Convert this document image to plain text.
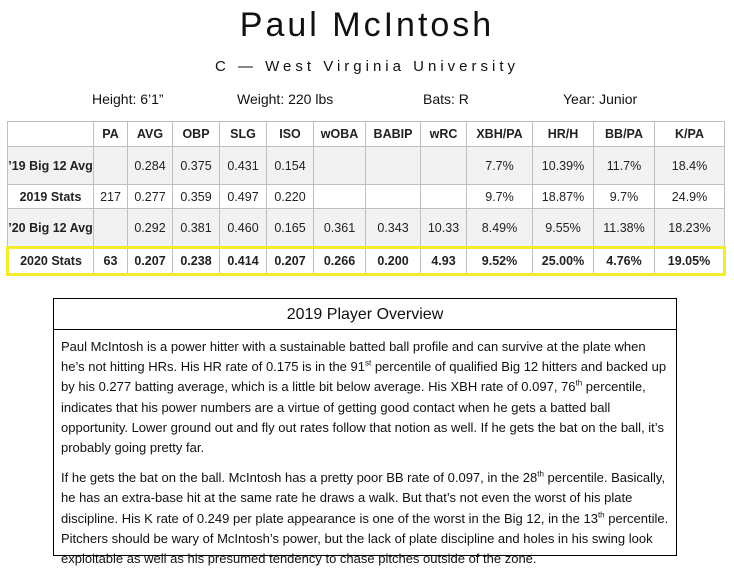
Paul McIntosh
C — West Virginia University
Height: 6’1”	Weight: 220 lbs	Bats: R	Year: Junior
	PA	AVG	OBP	SLG	ISO	wOBA	BABIP	wRC	XBH/PA	HR/H	BB/PA	K/PA
’19 Big 12 Avg		0.284	0.375	0.431	0.154				7.7%	10.39%	11.7%	18.4%
2019 Stats	217	0.277	0.359	0.497	0.220				9.7%	18.87%	9.7%	24.9%
’20 Big 12 Avg		0.292	0.381	0.460	0.165	0.361	0.343	10.33	8.49%	9.55%	11.38%	18.23%
2020 Stats	63	0.207	0.238	0.414	0.207	0.266	0.200	4.93	9.52%	25.00%	4.76%	19.05%
2019 Player Overview

Paul McIntosh is a power hitter with a sustainable batted ball profile and can survive at the plate when he’s not hitting HRs. His HR rate of 0.175 is in the 91st percentile of qualified Big 12 hitters and backed up by his 0.277 batting average, which is a little bit below average. His XBH rate of 0.097, 76th percentile, indicates that his power numbers are a virtue of getting good contact when he gets a batted ball opportunity. Lower ground out and fly out rates follow that notion as well. If he gets the bat on the ball, it’s probably going pretty far.

If he gets the bat on the ball. McIntosh has a pretty poor BB rate of 0.097, in the 28th percentile. Basically, he has an extra-base hit at the same rate he draws a walk. But that’s not even the worst of his plate discipline. His K rate of 0.249 per plate appearance is one of the worst in the Big 12, in the 13th percentile. Pitchers should be wary of McIntosh’s power, but the lack of plate discipline and holes in his swing look exploitable as well as his presumed tendency to chase pitches outside of the zone.
